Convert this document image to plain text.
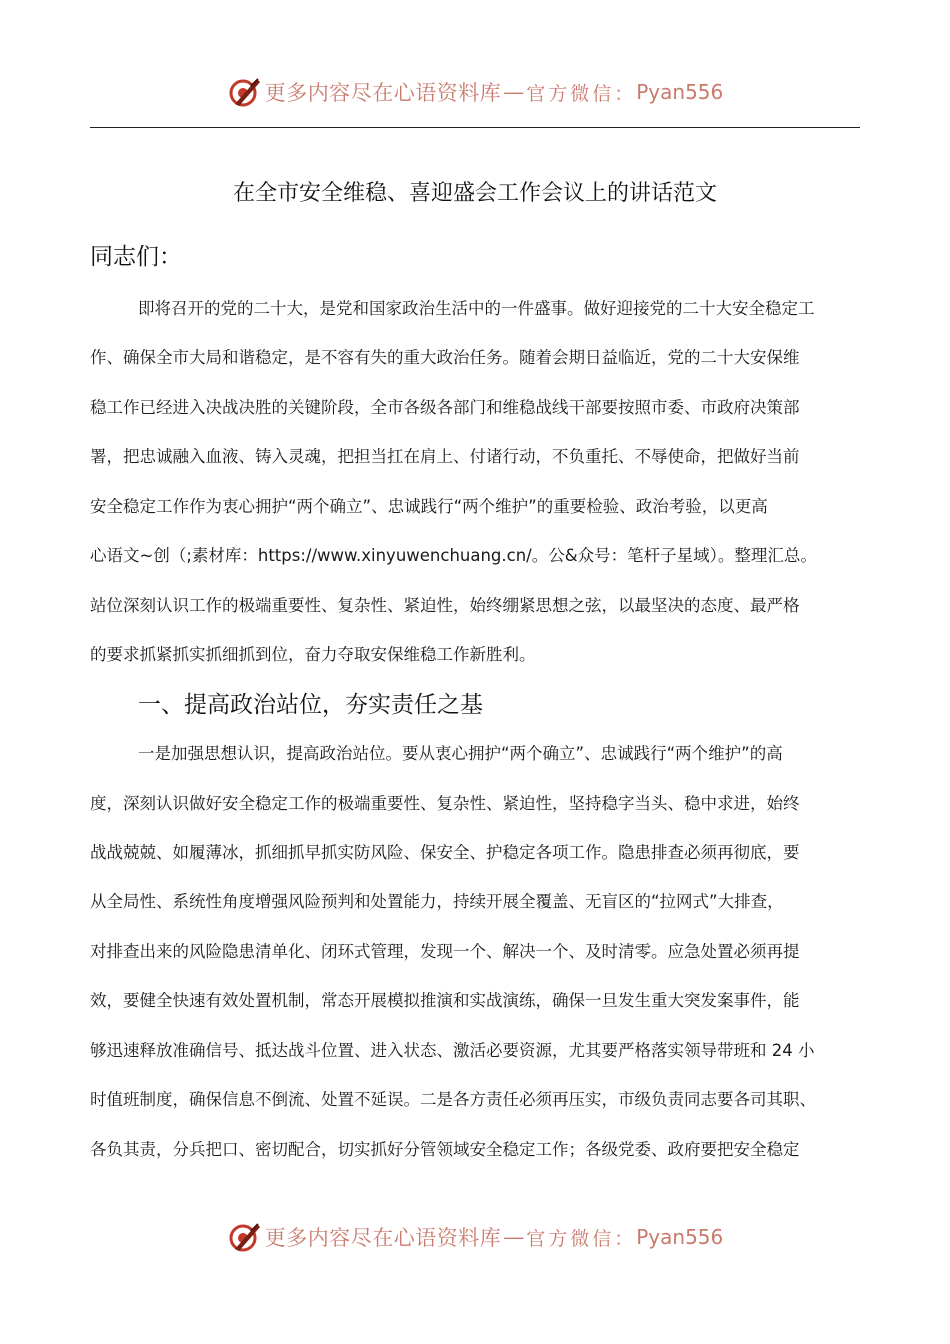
更多内容尽在心语资料库 — 官方微信： Pyan556
在全市安全维稳、喜迎盛会工作会议上的讲话范文
同志们：
即将召开的党的二十大，是党和国家政治生活中的一件盛事。做好迎接党的二十大安全稳定工
作、确保全市大局和谐稳定，是不容有失的重大政治任务。随着会期日益临近，党的二十大安保维
稳工作已经进入决战决胜的关键阶段，全市各级各部门和维稳战线干部要按照市委、市政府决策部
署，把忠诚融入血液、铸入灵魂，把担当扛在肩上、付诸行动，不负重托、不辱使命，把做好当前
安全稳定工作作为衷心拥护“两个确立”、忠诚践行“两个维护”的重要检验、政治考验，以更高
心语文~创（;素材库：https://www.xinyuwenchuang.cn/。公&众号：笔杆子星域）。整理汇总。
站位深刻认识工作的极端重要性、复杂性、紧迫性，始终绷紧思想之弦，以最坚决的态度、最严格
的要求抓紧抓实抓细抓到位，奋力夺取安保维稳工作新胜利。
一、提高政治站位，夯实责任之基
一是加强思想认识，提高政治站位。要从衷心拥护“两个确立”、忠诚践行“两个维护”的高
度，深刻认识做好安全稳定工作的极端重要性、复杂性、紧迫性，坚持稳字当头、稳中求进，始终
战战兢兢、如履薄冰，抓细抓早抓实防风险、保安全、护稳定各项工作。隐患排查必须再彻底，要
从全局性、系统性角度增强风险预判和处置能力，持续开展全覆盖、无盲区的“拉网式”大排查，
对排查出来的风险隐患清单化、闭环式管理，发现一个、解决一个、及时清零。应急处置必须再提
效，要健全快速有效处置机制，常态开展模拟推演和实战演练，确保一旦发生重大突发案事件，能
够迅速释放准确信号、抵达战斗位置、进入状态、激活必要资源，尤其要严格落实领导带班和 24 小
时值班制度，确保信息不倒流、处置不延误。二是各方责任必须再压实，市级负责同志要各司其职、
各负其责，分兵把口、密切配合，切实抓好分管领域安全稳定工作；各级党委、政府要把安全稳定
更多内容尽在心语资料库 — 官方微信： Pyan556
